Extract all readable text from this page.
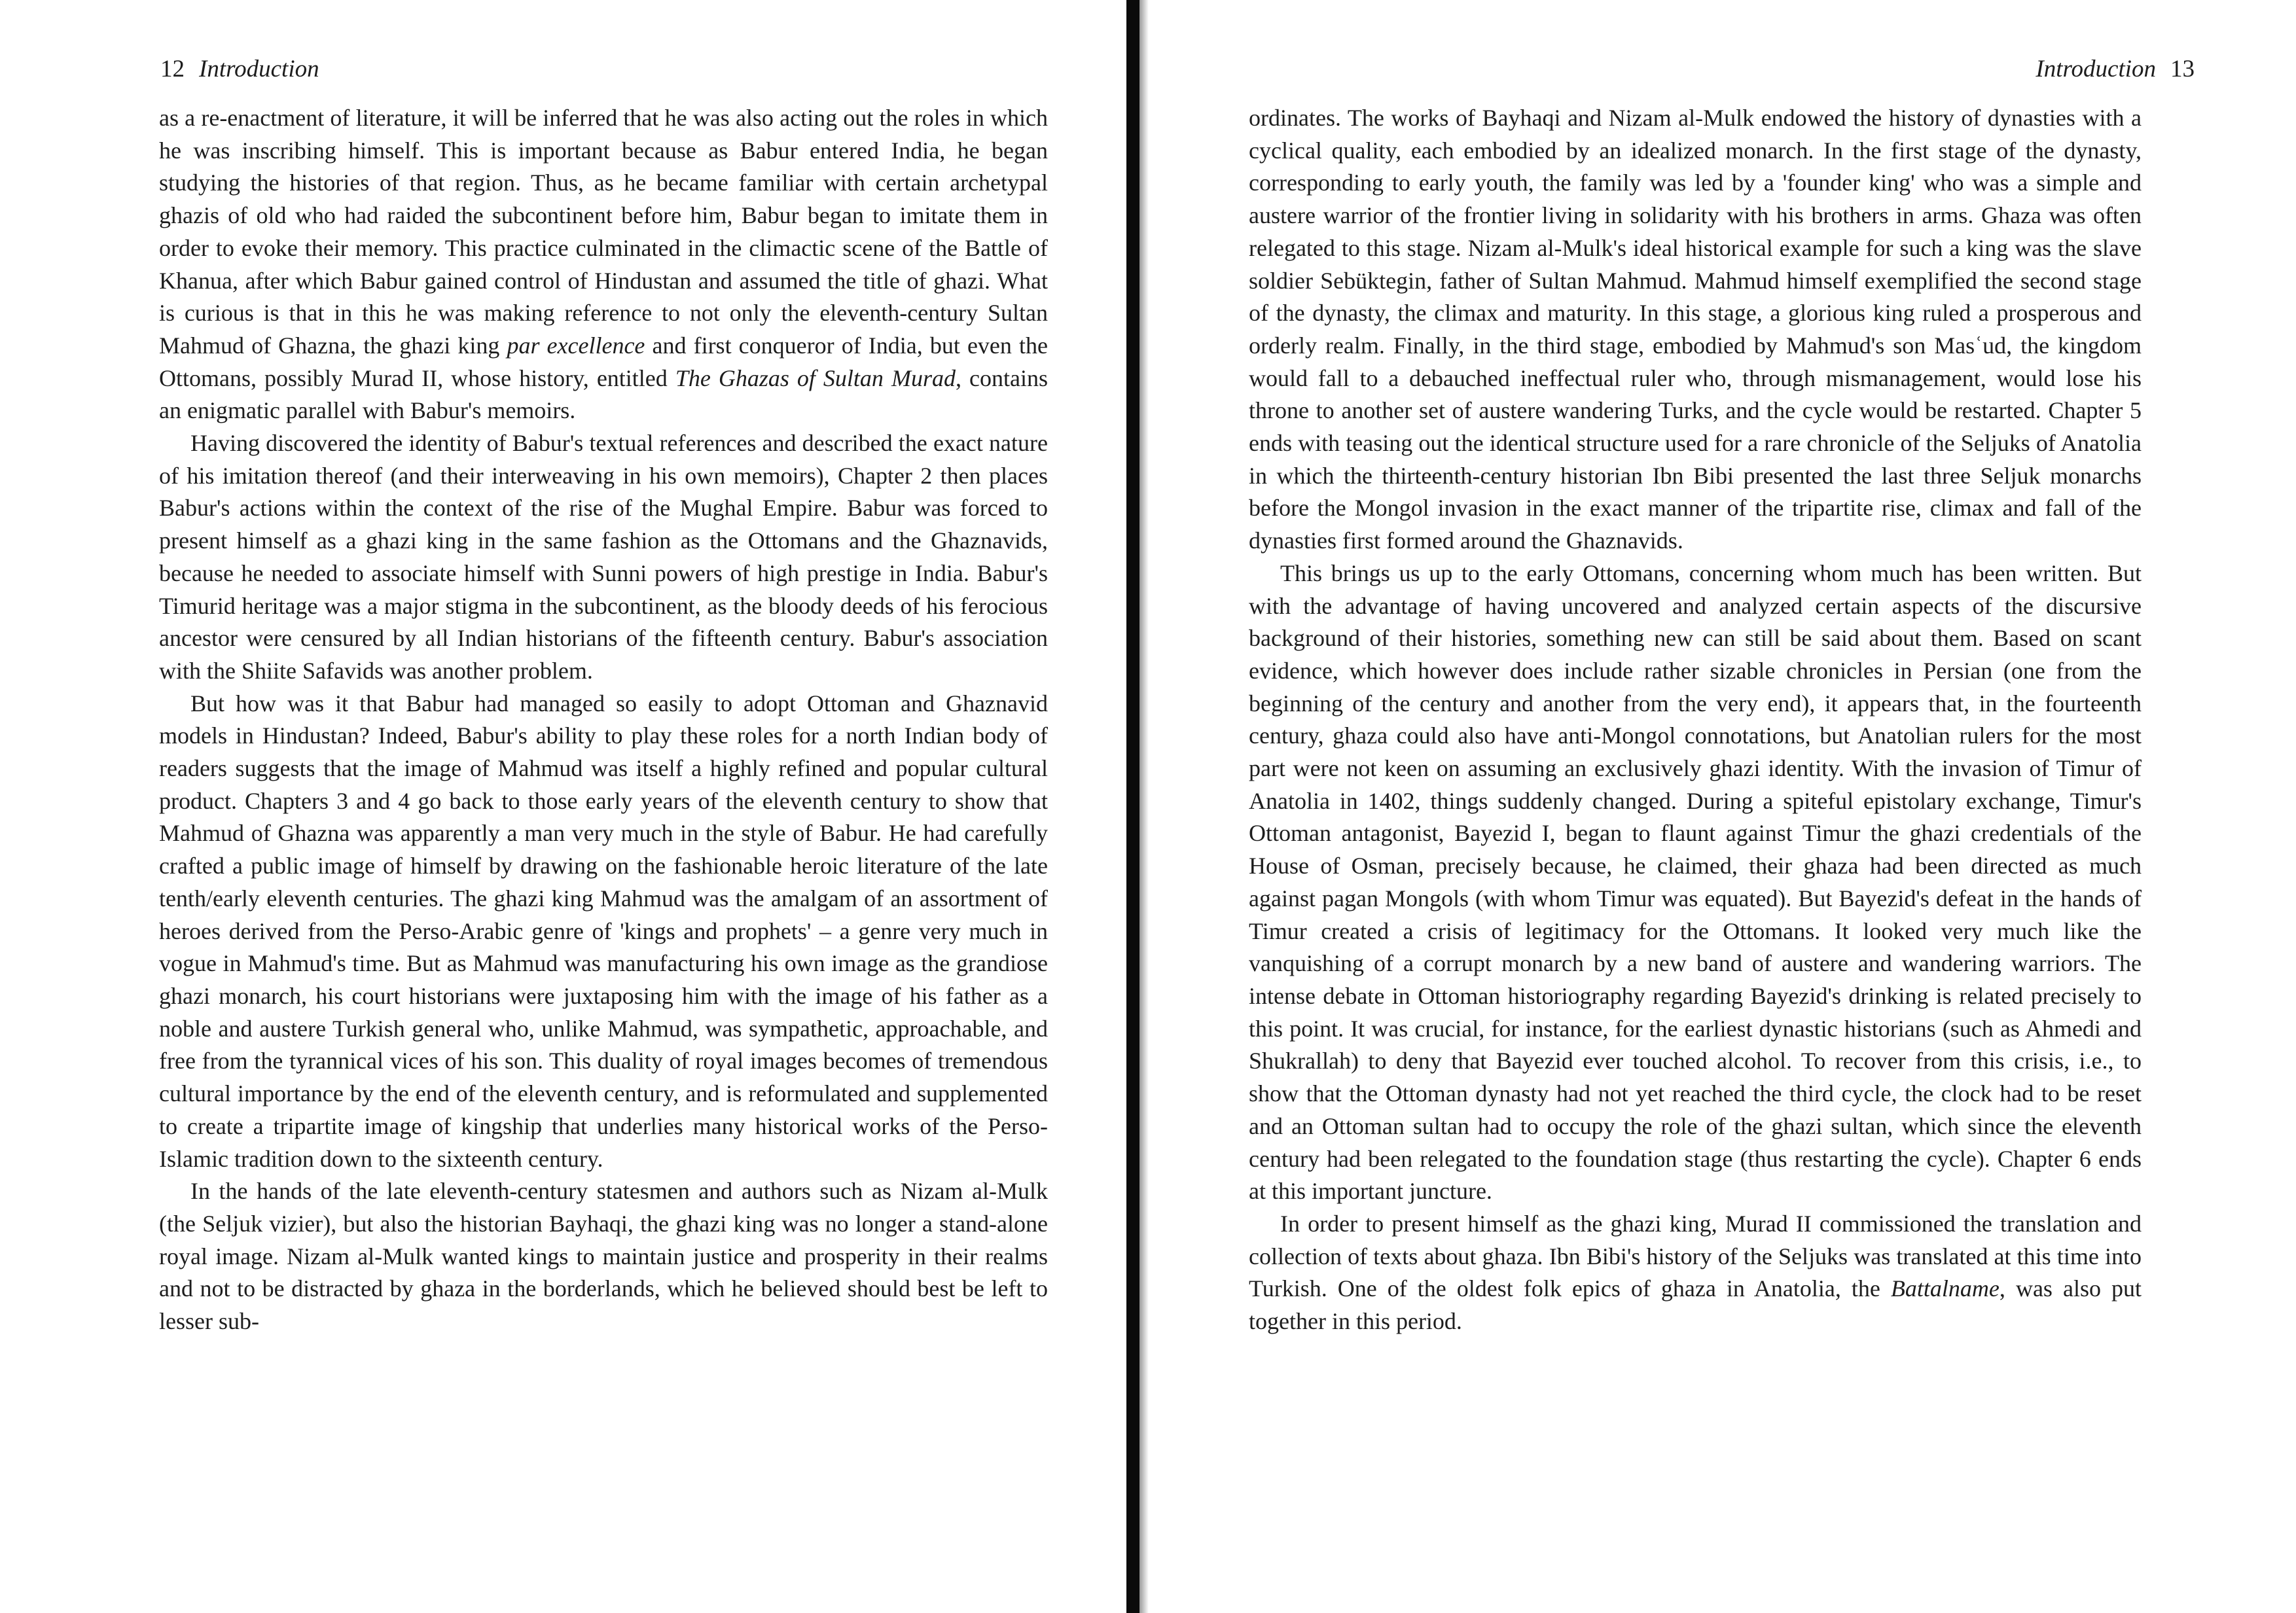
12 Introduction

as a re-enactment of literature, it will be inferred that he was also acting out the roles in which he was inscribing himself. This is important because as Babur entered India, he began studying the histories of that region. Thus, as he became familiar with certain archetypal ghazis of old who had raided the subcontinent before him, Babur began to imitate them in order to evoke their memory. This practice culminated in the climactic scene of the Battle of Khanua, after which Babur gained control of Hindustan and assumed the title of ghazi. What is curious is that in this he was making reference to not only the eleventh-century Sultan Mahmud of Ghazna, the ghazi king par excellence and first conqueror of India, but even the Ottomans, possibly Murad II, whose history, entitled The Ghazas of Sultan Murad, contains an enigmatic parallel with Babur's memoirs.

Having discovered the identity of Babur's textual references and described the exact nature of his imitation thereof (and their interweaving in his own memoirs), Chapter 2 then places Babur's actions within the context of the rise of the Mughal Empire. Babur was forced to present himself as a ghazi king in the same fashion as the Ottomans and the Ghaznavids, because he needed to associate himself with Sunni powers of high prestige in India. Babur's Timurid heritage was a major stigma in the subcontinent, as the bloody deeds of his ferocious ancestor were censured by all Indian historians of the fifteenth century. Babur's association with the Shiite Safavids was another problem.

But how was it that Babur had managed so easily to adopt Ottoman and Ghaznavid models in Hindustan? Indeed, Babur's ability to play these roles for a north Indian body of readers suggests that the image of Mahmud was itself a highly refined and popular cultural product. Chapters 3 and 4 go back to those early years of the eleventh century to show that Mahmud of Ghazna was apparently a man very much in the style of Babur. He had carefully crafted a public image of himself by drawing on the fashionable heroic literature of the late tenth/early eleventh centuries. The ghazi king Mahmud was the amalgam of an assortment of heroes derived from the Perso-Arabic genre of 'kings and prophets' – a genre very much in vogue in Mahmud's time. But as Mahmud was manufacturing his own image as the grandiose ghazi monarch, his court historians were juxtaposing him with the image of his father as a noble and austere Turkish general who, unlike Mahmud, was sympathetic, approachable, and free from the tyrannical vices of his son. This duality of royal images becomes of tremendous cultural importance by the end of the eleventh century, and is reformulated and supplemented to create a tripartite image of kingship that underlies many historical works of the Perso-Islamic tradition down to the sixteenth century.

In the hands of the late eleventh-century statesmen and authors such as Nizam al-Mulk (the Seljuk vizier), but also the historian Bayhaqi, the ghazi king was no longer a stand-alone royal image. Nizam al-Mulk wanted kings to maintain justice and prosperity in their realms and not to be distracted by ghaza in the borderlands, which he believed should best be left to lesser sub-

Introduction 13

ordinates. The works of Bayhaqi and Nizam al-Mulk endowed the history of dynasties with a cyclical quality, each embodied by an idealized monarch. In the first stage of the dynasty, corresponding to early youth, the family was led by a 'founder king' who was a simple and austere warrior of the frontier living in solidarity with his brothers in arms. Ghaza was often relegated to this stage. Nizam al-Mulk's ideal historical example for such a king was the slave soldier Sebüktegin, father of Sultan Mahmud. Mahmud himself exemplified the second stage of the dynasty, the climax and maturity. In this stage, a glorious king ruled a prosperous and orderly realm. Finally, in the third stage, embodied by Mahmud's son Masʿud, the kingdom would fall to a debauched ineffectual ruler who, through mismanagement, would lose his throne to another set of austere wandering Turks, and the cycle would be restarted. Chapter 5 ends with teasing out the identical structure used for a rare chronicle of the Seljuks of Anatolia in which the thirteenth-century historian Ibn Bibi presented the last three Seljuk monarchs before the Mongol invasion in the exact manner of the tripartite rise, climax and fall of the dynasties first formed around the Ghaznavids.

This brings us up to the early Ottomans, concerning whom much has been written. But with the advantage of having uncovered and analyzed certain aspects of the discursive background of their histories, something new can still be said about them. Based on scant evidence, which however does include rather sizable chronicles in Persian (one from the beginning of the century and another from the very end), it appears that, in the fourteenth century, ghaza could also have anti-Mongol connotations, but Anatolian rulers for the most part were not keen on assuming an exclusively ghazi identity. With the invasion of Timur of Anatolia in 1402, things suddenly changed. During a spiteful epistolary exchange, Timur's Ottoman antagonist, Bayezid I, began to flaunt against Timur the ghazi credentials of the House of Osman, precisely because, he claimed, their ghaza had been directed as much against pagan Mongols (with whom Timur was equated). But Bayezid's defeat in the hands of Timur created a crisis of legitimacy for the Ottomans. It looked very much like the vanquishing of a corrupt monarch by a new band of austere and wandering warriors. The intense debate in Ottoman historiography regarding Bayezid's drinking is related precisely to this point. It was crucial, for instance, for the earliest dynastic historians (such as Ahmedi and Shukrallah) to deny that Bayezid ever touched alcohol. To recover from this crisis, i.e., to show that the Ottoman dynasty had not yet reached the third cycle, the clock had to be reset and an Ottoman sultan had to occupy the role of the ghazi sultan, which since the eleventh century had been relegated to the foundation stage (thus restarting the cycle). Chapter 6 ends at this important juncture.

In order to present himself as the ghazi king, Murad II commissioned the translation and collection of texts about ghaza. Ibn Bibi's history of the Seljuks was translated at this time into Turkish. One of the oldest folk epics of ghaza in Anatolia, the Battalname, was also put together in this period.
